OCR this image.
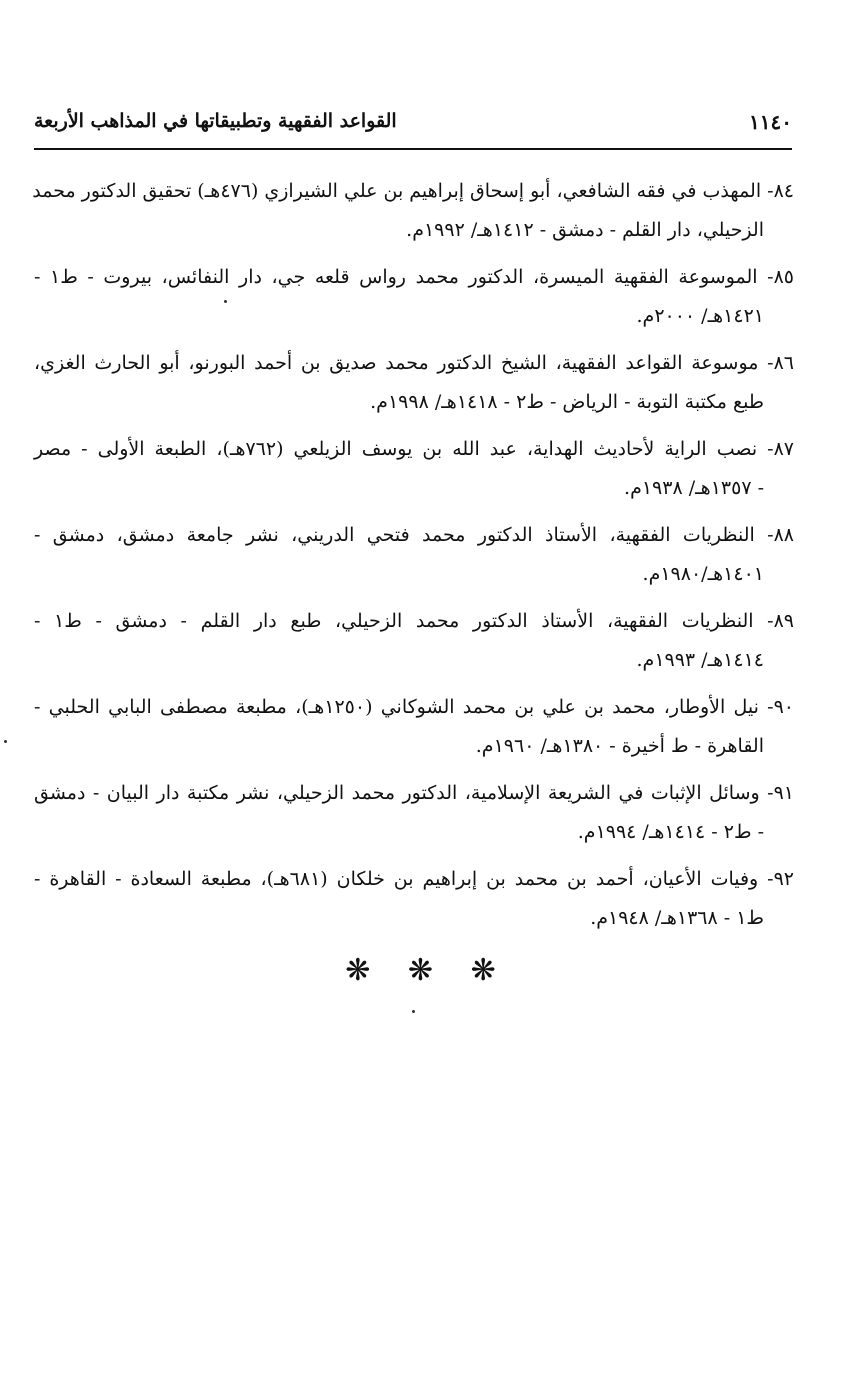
القواعد الفقهية وتطبيقاتها في المذاهب الأربعة	١١٤٠
٨٤- المهذب في فقه الشافعي، أبو إسحاق إبراهيم بن علي الشيرازي (٤٧٦هـ) تحقيق الدكتور محمد
الزحيلي، دار القلم - دمشق - ١٤١٢هـ/ ١٩٩٢م.
٨٥- الموسوعة الفقهية الميسرة، الدكتور محمد رواس قلعه جي، دار النفائس، بيروت - ط١ -
١٤٢١هـ/ ٢٠٠٠م.
٨٦- موسوعة القواعد الفقهية، الشيخ الدكتور محمد صديق بن أحمد البورنو، أبو الحارث الغزي،
طبع مكتبة التوبة - الرياض - ط٢ - ١٤١٨هـ/ ١٩٩٨م.
٨٧- نصب الراية لأحاديث الهداية، عبد الله بن يوسف الزيلعي (٧٦٢هـ)، الطبعة الأولى - مصر
- ١٣٥٧هـ/ ١٩٣٨م.
٨٨- النظريات الفقهية، الأستاذ الدكتور محمد فتحي الدريني، نشر جامعة دمشق، دمشق -
١٤٠١هـ/١٩٨٠م.
٨٩- النظريات الفقهية، الأستاذ الدكتور محمد الزحيلي، طبع دار القلم - دمشق - ط١ -
١٤١٤هـ/ ١٩٩٣م.
٩٠- نيل الأوطار، محمد بن علي بن محمد الشوكاني (١٢٥٠هـ)، مطبعة مصطفى البابي الحلبي -
القاهرة - ط أخيرة - ١٣٨٠هـ/ ١٩٦٠م.
٩١- وسائل الإثبات في الشريعة الإسلامية، الدكتور محمد الزحيلي، نشر مكتبة دار البيان - دمشق
- ط٢ - ١٤١٤هـ/ ١٩٩٤م.
٩٢- وفيات الأعيان، أحمد بن محمد بن إبراهيم بن خلكان (٦٨١هـ)، مطبعة السعادة - القاهرة -
ط١ - ١٣٦٨هـ/ ١٩٤٨م.
❋ ❋ ❋
